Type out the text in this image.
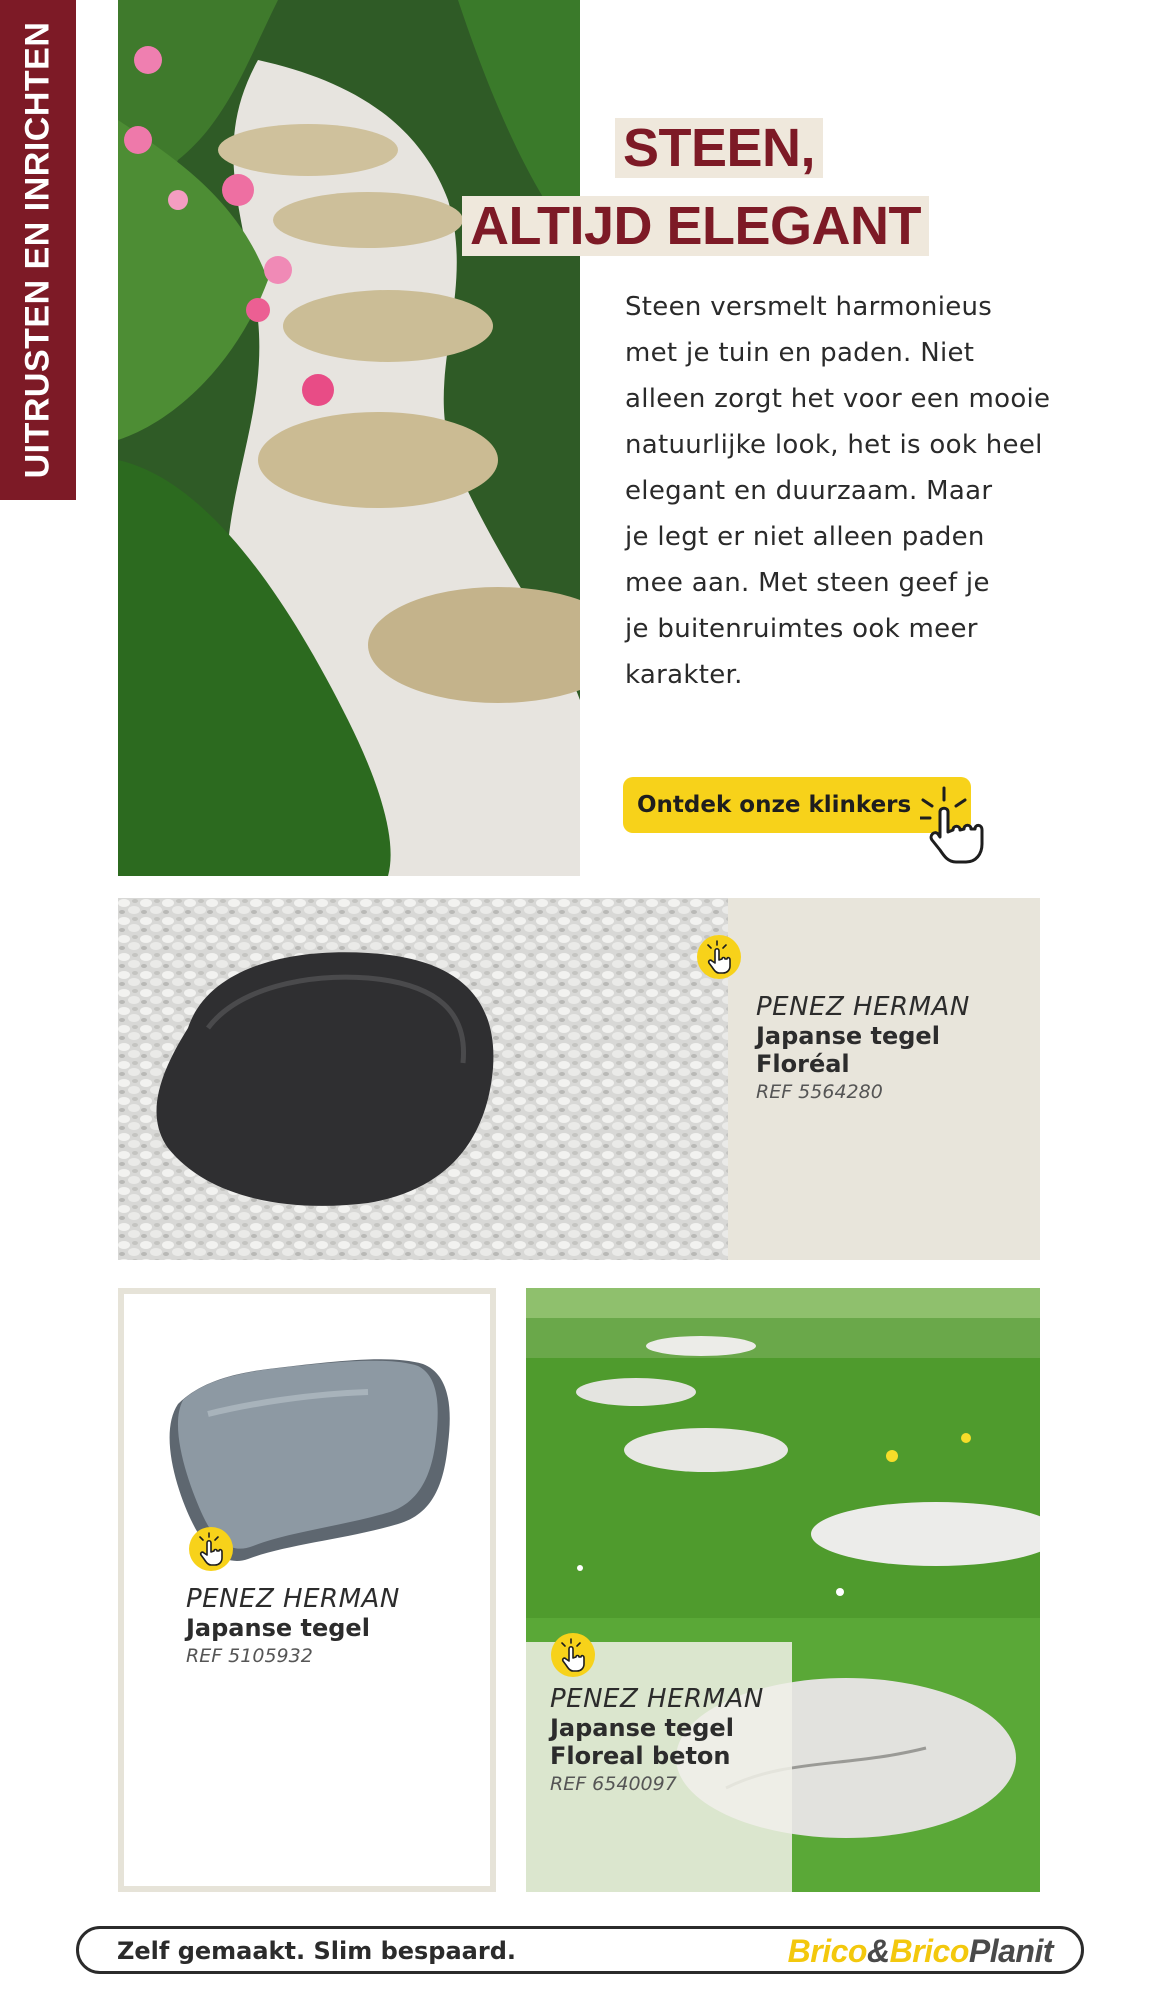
UITRUSTEN EN INRICHTEN	STEEN,
ALTIJD ELEGANT
Steen versmelt harmonieus
met je tuin en paden. Niet
alleen zorgt het voor een mooie
natuurlijke look, het is ook heel
elegant en duurzaam. Maar
je legt er niet alleen paden
mee aan. Met steen geef je
je buitenruimtes ook meer
karakter.
Ontdek onze klinkers
PENEZ HERMAN
Japanse tegel Floréal
REF 5564280
PENEZ HERMAN
Japanse tegel
REF 5105932
PENEZ HERMAN
Japanse tegel
Floreal beton
REF 6540097
Zelf gemaakt. Slim bespaard.	Brico&BricoPlanit
